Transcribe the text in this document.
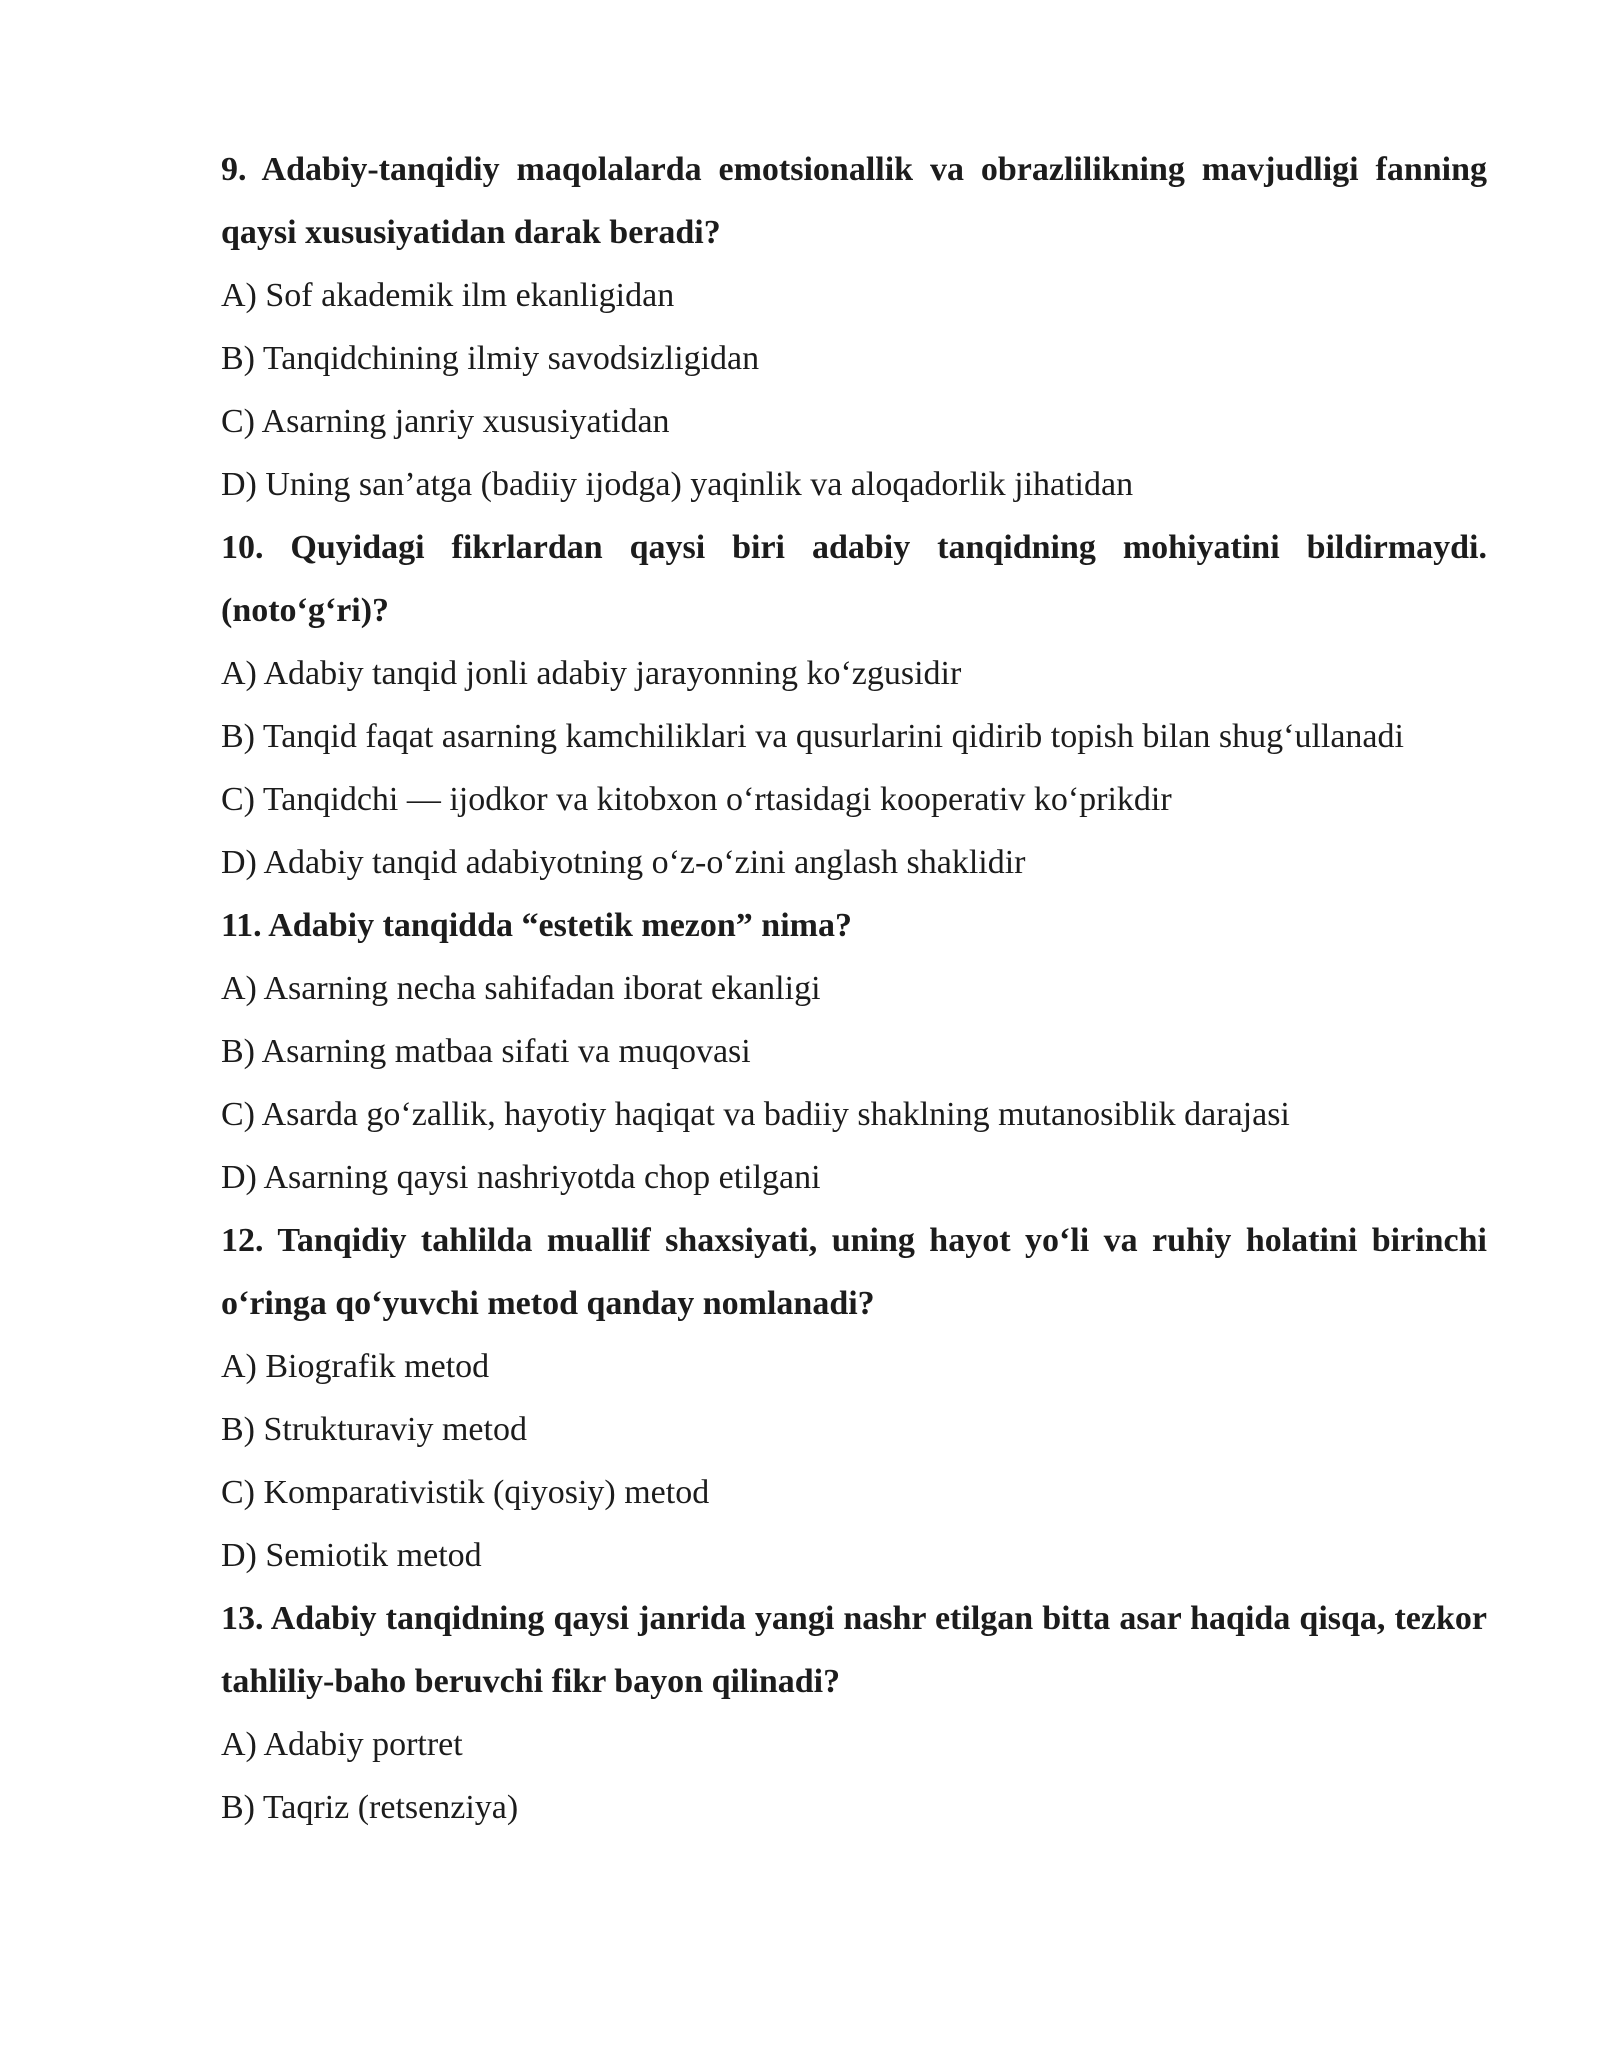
9. Adabiy-tanqidiy maqolalarda emotsionallik va obrazlilikning mavjudligi fanning qaysi xususiyatidan darak beradi?

A) Sof akademik ilm ekanligidan

B) Tanqidchining ilmiy savodsizligidan

C) Asarning janriy xususiyatidan

D) Uning san’atga (badiiy ijodga) yaqinlik va aloqadorlik jihatidan

10. Quyidagi fikrlardan qaysi biri adabiy tanqidning mohiyatini bildirmaydi. (noto‘g‘ri)?

A) Adabiy tanqid jonli adabiy jarayonning ko‘zgusidir

B) Tanqid faqat asarning kamchiliklari va qusurlarini qidirib topish bilan shug‘ullanadi

C) Tanqidchi — ijodkor va kitobxon o‘rtasidagi kooperativ ko‘prikdir

D) Adabiy tanqid adabiyotning o‘z-o‘zini anglash shaklidir

11. Adabiy tanqidda “estetik mezon” nima?

A) Asarning necha sahifadan iborat ekanligi

B) Asarning matbaa sifati va muqovasi

C) Asarda go‘zallik, hayotiy haqiqat va badiiy shaklning mutanosiblik darajasi

D) Asarning qaysi nashriyotda chop etilgani

12. Tanqidiy tahlilda muallif shaxsiyati, uning hayot yo‘li va ruhiy holatini birinchi o‘ringa qo‘yuvchi metod qanday nomlanadi?

A) Biografik metod

B) Strukturaviy metod

C) Komparativistik (qiyosiy) metod

D) Semiotik metod

13. Adabiy tanqidning qaysi janrida yangi nashr etilgan bitta asar haqida qisqa, tezkor tahliliy-baho beruvchi fikr bayon qilinadi?

A) Adabiy portret

B) Taqriz (retsenziya)
